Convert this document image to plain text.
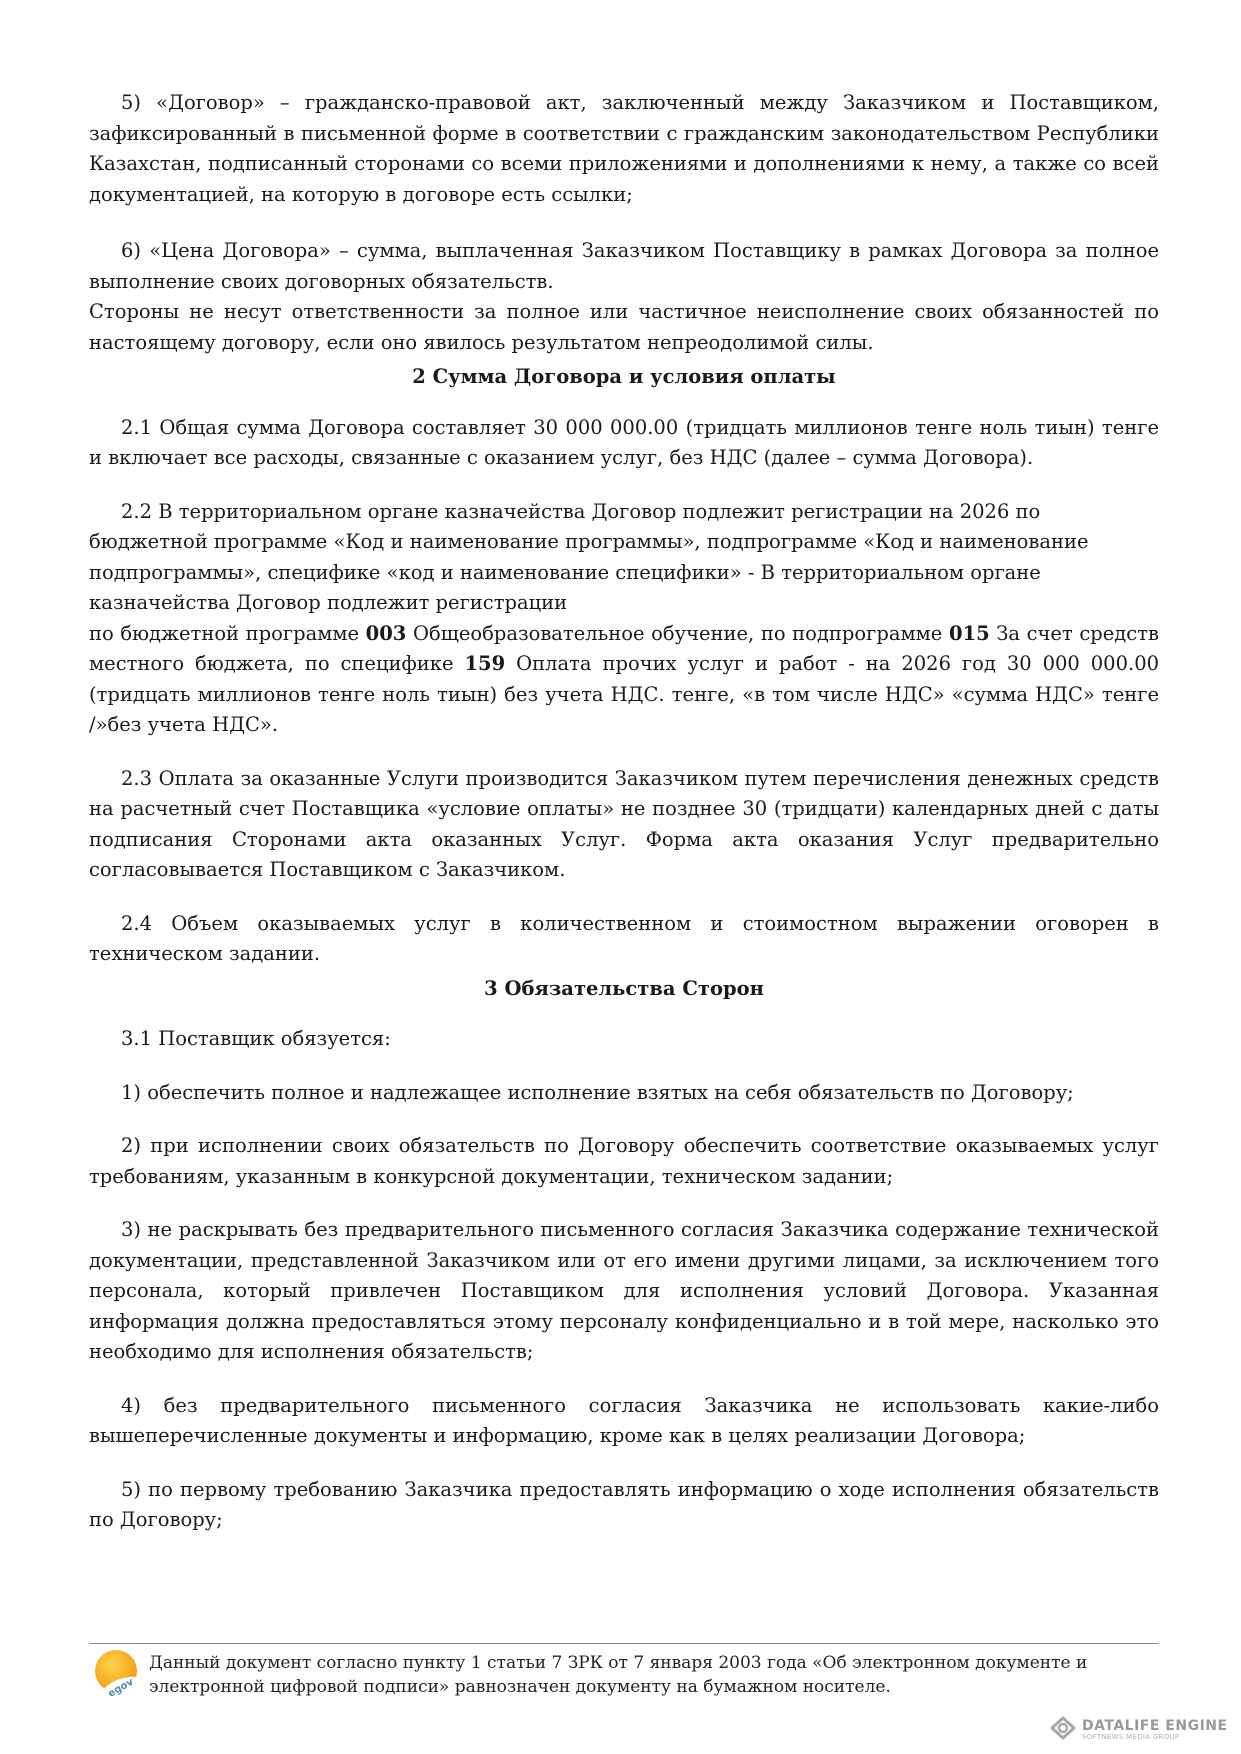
5) «Договор» – гражданско-правовой акт, заключенный между Заказчиком и Поставщиком, зафиксированный в письменной форме в соответствии с гражданским законодательством Республики Казахстан, подписанный сторонами со всеми приложениями и дополнениями к нему, а также со всей документацией, на которую в договоре есть ссылки;

6) «Цена Договора» – сумма, выплаченная Заказчиком Поставщику в рамках Договора за полное выполнение своих договорных обязательств.

Стороны не несут ответственности за полное или частичное неисполнение своих обязанностей по настоящему договору, если оно явилось результатом непреодолимой силы.

2 Сумма Договора и условия оплаты

2.1 Общая сумма Договора составляет 30 000 000.00 (тридцать миллионов тенге ноль тиын) тенге и включает все расходы, связанные с оказанием услуг, без НДС (далее – сумма Договора).

2.2 В территориальном органе казначейства Договор подлежит регистрации на 2026 по бюджетной программе «Код и наименование программы», подпрограмме «Код и наименование подпрограммы», специфике «код и наименование специфики» - В территориальном органе казначейства Договор подлежит регистрации

по бюджетной программе 003 Общеобразовательное обучение, по подпрограмме 015 За счет средств местного бюджета, по специфике 159 Оплата прочих услуг и работ - на 2026 год 30 000 000.00 (тридцать миллионов тенге ноль тиын) без учета НДС. тенге, «в том числе НДС» «сумма НДС» тенге /»без учета НДС».

2.3 Оплата за оказанные Услуги производится Заказчиком путем перечисления денежных средств на расчетный счет Поставщика «условие оплаты» не позднее 30 (тридцати) календарных дней с даты подписания Сторонами акта оказанных Услуг. Форма акта оказания Услуг предварительно согласовывается Поставщиком с Заказчиком.

2.4 Объем оказываемых услуг в количественном и стоимостном выражении оговорен в техническом задании.

3 Обязательства Сторон

3.1 Поставщик обязуется:

1) обеспечить полное и надлежащее исполнение взятых на себя обязательств по Договору;

2) при исполнении своих обязательств по Договору обеспечить соответствие оказываемых услуг требованиям, указанным в конкурсной документации, техническом задании;

3) не раскрывать без предварительного письменного согласия Заказчика содержание технической документации, представленной Заказчиком или от его имени другими лицами, за исключением того персонала, который привлечен Поставщиком для исполнения условий Договора. Указанная информация должна предоставляться этому персоналу конфиденциально и в той мере, насколько это необходимо для исполнения обязательств;

4) без предварительного письменного согласия Заказчика не использовать какие-либо вышеперечисленные документы и информацию, кроме как в целях реализации Договора;

5) по первому требованию Заказчика предоставлять информацию о ходе исполнения обязательств по Договору;

egov
Данный документ согласно пункту 1 статьи 7 ЗРК от 7 января 2003 года «Об электронном документе и электронной цифровой подписи» равнозначен документу на бумажном носителе.
DATALIFE ENGINE
SOFTNEWS MEDIA GROUP
